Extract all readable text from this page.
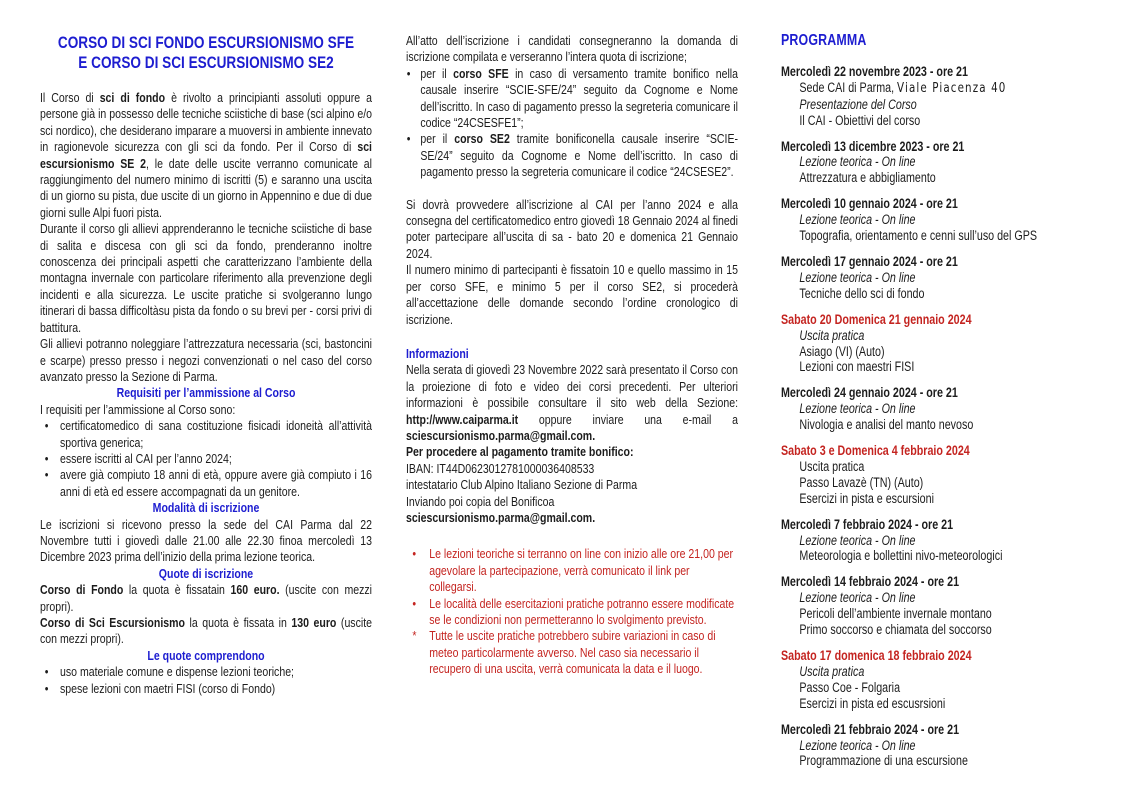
CORSO DI SCI FONDO ESCURSIONISMO SFE
E CORSO DI SCI ESCURSIONISMO SE2
Il Corso di sci di fondo è rivolto a principianti assoluti oppure a persone già in possesso delle tecniche sciistiche di base (sci alpino e/o sci nordico), che desiderano imparare a muoversi in ambiente innevato in ragionevole sicurezza con gli sci da fondo. Per il Corso di sci escursionismo SE 2, le date delle uscite verranno comunicate al raggiungimento del numero minimo di iscritti (5) e saranno una uscita di un giorno su pista, due uscite di un giorno in Appennino e due di due giorni sulle Alpi fuori pista.
Durante il corso gli allievi apprenderanno le tecniche sciistiche di base di salita e discesa con gli sci da fondo, prenderanno inoltre conoscenza dei principali aspetti che caratterizzano l’ambiente della montagna invernale con particolare riferimento alla prevenzione degli incidenti e alla sicurezza. Le uscite pratiche si svolgeranno lungo itinerari di bassa difficoltàsu pista da fondo o su brevi per - corsi privi di battitura.
Gli allievi potranno noleggiare l’attrezzatura necessaria (sci, bastoncini e scarpe) presso presso i negozi convenzionati o nel caso del corso avanzato presso la Sezione di Parma.
Requisiti per l’ammissione al Corso
I requisiti per l’ammissione al Corso sono:
• certificatomedico di sana costituzione fisicadi idoneità all’attività sportiva generica;
• essere iscritti al CAI per l’anno 2024;
• avere già compiuto 18 anni di età, oppure avere già compiuto i 16 anni di età ed essere accompagnati da un genitore.
Modalità di iscrizione
Le iscrizioni si ricevono presso la sede del CAI Parma dal 22 Novembre tutti i giovedì dalle 21.00 alle 22.30 finoa mercoledì 13 Dicembre 2023 prima dell’inizio della prima lezione teorica.
Quote di iscrizione
Corso di Fondo la quota è fissatain 160 euro. (uscite con mezzi propri).
Corso di Sci Escursionismo la quota è fissata in 130 euro (uscite con mezzi propri).
Le quote comprendono
• uso materiale comune e dispense lezioni teoriche;
• spese lezioni con maetri FISI (corso di Fondo)
All’atto dell’iscrizione i candidati consegneranno la domanda di iscrizione compilata e verseranno l’intera quota di iscrizione;
• per il corso SFE in caso di versamento tramite bonifico nella causale inserire “SCIE-SFE/24” seguito da Cognome e Nome dell’iscritto. In caso di pagamento presso la segreteria comunicare il codice “24CSESFE1”;
• per il corso SE2 tramite bonificonella causale inserire “SCIE-SE/24” seguito da Cognome e Nome dell’iscritto. In caso di pagamento presso la segreteria comunicare il codice “24CSESE2”.
Si dovrà provvedere all’iscrizione al CAI per l’anno 2024 e alla consegna del certificatomedico entro giovedì 18 Gennaio 2024 al finedi poter partecipare all’uscita di sa - bato 20 e domenica 21 Gennaio 2024.
Il numero minimo di partecipanti è fissatoin 10 e quello massimo in 15 per corso SFE, e minimo 5 per il corso SE2, si procederà all’accettazione delle domande secondo l’ordine cronologico di iscrizione.
Informazioni
Nella serata di giovedì 23 Novembre 2022 sarà presentato il Corso con la proiezione di foto e video dei corsi precedenti. Per ulteriori informazioni è possibile consultare il sito web della Sezione: http://www.caiparma.it oppure inviare una e-mail a sciescursionismo.parma@gmail.com.
Per procedere al pagamento tramite bonifico:
IBAN: IT44D0623012781000036408533
intestatario Club Alpino Italiano Sezione di Parma
Inviando poi copia del Bonificoa sciescursionismo.parma@gmail.com.
• Le lezioni teoriche si terranno on line con inizio alle ore 21,00 per agevolare la partecipazione, verrà comunicato il link per collegarsi.
• Le località delle esercitazioni pratiche potranno essere modificate se le condizioni non permetteranno lo svolgimento previsto.
* Tutte le uscite pratiche potrebbero subire variazioni in caso di meteo particolarmente avverso. Nel caso sia necessario il recupero di una uscita, verrà comunicata la data e il luogo.
PROGRAMMA
Mercoledì 22 novembre 2023 - ore 21
Sede CAI di Parma, Viale Piacenza 40
Presentazione del Corso
Il CAI - Obiettivi del corso
Mercoledì 13 dicembre 2023 - ore 21
Lezione teorica - On line
Attrezzatura e abbigliamento
Mercoledì 10 gennaio 2024 - ore 21
Lezione teorica - On line
Topografia, orientamento e cenni sull’uso del GPS
Mercoledì 17 gennaio 2024 - ore 21
Lezione teorica - On line
Tecniche dello sci di fondo
Sabato 20 Domenica 21 gennaio 2024
Uscita pratica
Asiago (VI) (Auto)
Lezioni con maestri FISI
Mercoledì 24 gennaio 2024 - ore 21
Lezione teorica - On line
Nivologia e analisi del manto nevoso
Sabato 3 e Domenica 4 febbraio 2024
Uscita pratica
Passo Lavazè (TN) (Auto)
Esercizi in pista e escursioni
Mercoledì 7 febbraio 2024 - ore 21
Lezione teorica - On line
Meteorologia e bollettini nivo-meteorologici
Mercoledì 14 febbraio 2024 - ore 21
Lezione teorica - On line
Pericoli dell’ambiente invernale montano
Primo soccorso e chiamata del soccorso
Sabato 17 domenica 18 febbraio 2024
Uscita pratica
Passo Coe - Folgaria
Esercizi in pista ed escusrsioni
Mercoledì 21 febbraio 2024 - ore 21
Lezione teorica - On line
Programmazione di una escursione
